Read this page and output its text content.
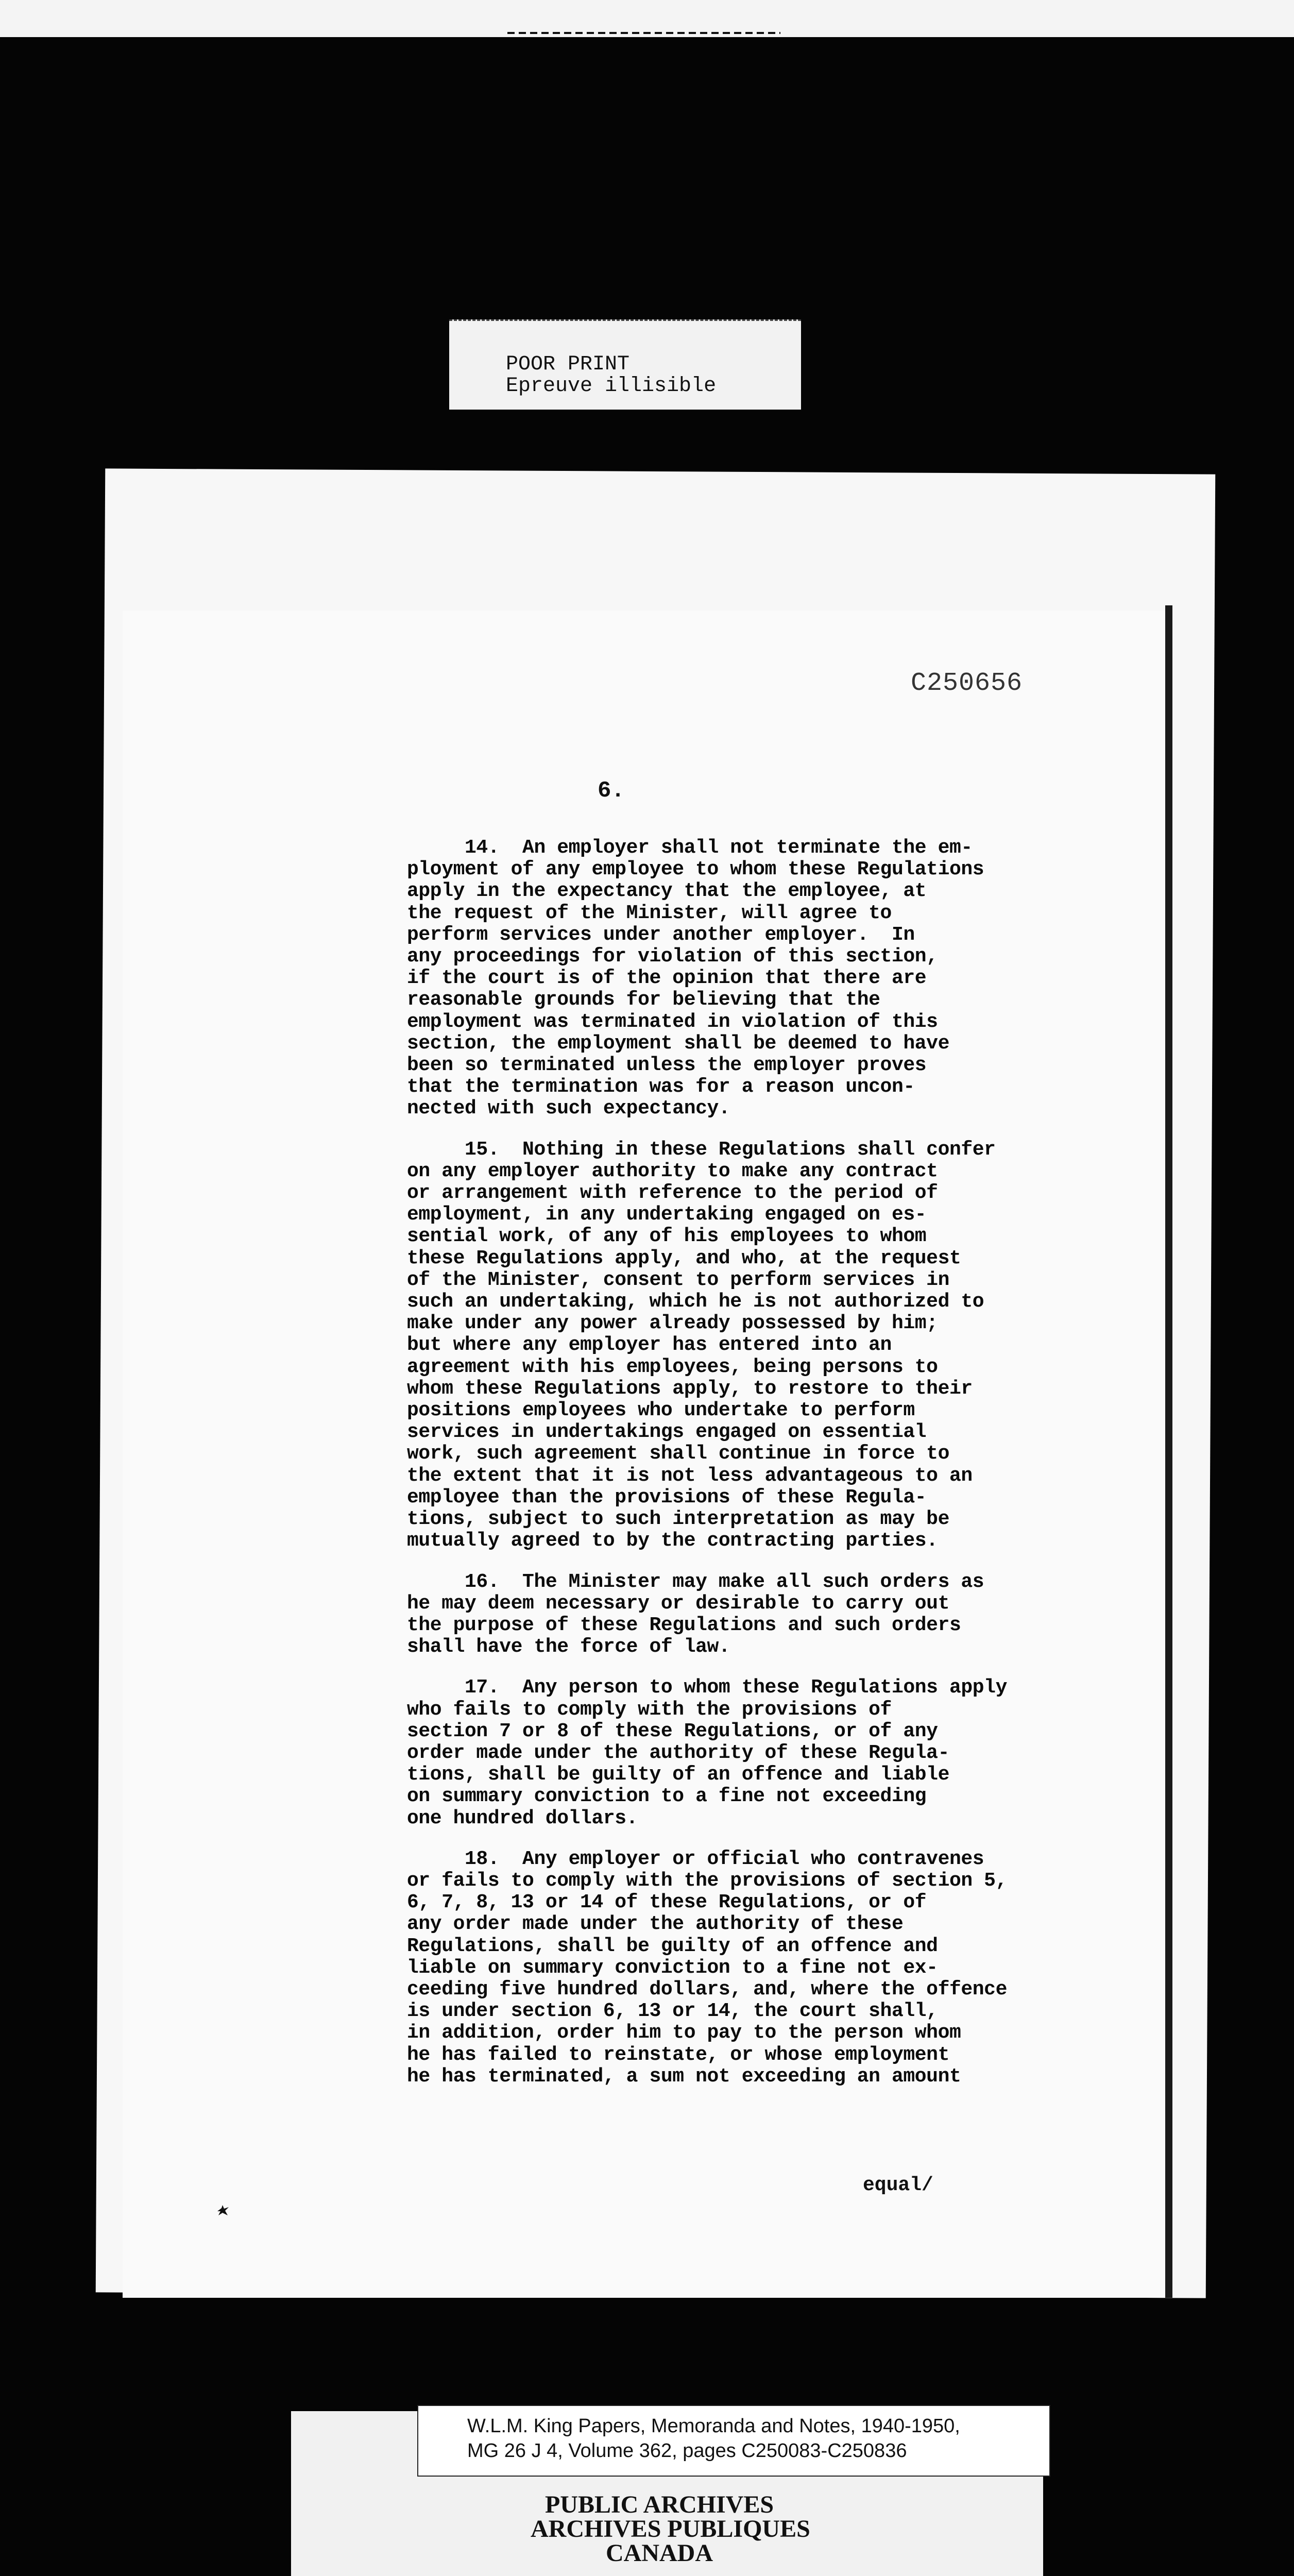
POOR PRINT
Epreuve illisible
C250656
6.
14.  An employer shall not terminate the em-
ployment of any employee to whom these Regulations
apply in the expectancy that the employee, at
the request of the Minister, will agree to
perform services under another employer.  In
any proceedings for violation of this section,
if the court is of the opinion that there are
reasonable grounds for believing that the
employment was terminated in violation of this
section, the employment shall be deemed to have
been so terminated unless the employer proves
that the termination was for a reason uncon-
nected with such expectancy.
15.  Nothing in these Regulations shall confer
on any employer authority to make any contract
or arrangement with reference to the period of
employment, in any undertaking engaged on es-
sential work, of any of his employees to whom
these Regulations apply, and who, at the request
of the Minister, consent to perform services in
such an undertaking, which he is not authorized to
make under any power already possessed by him;
but where any employer has entered into an
agreement with his employees, being persons to
whom these Regulations apply, to restore to their
positions employees who undertake to perform
services in undertakings engaged on essential
work, such agreement shall continue in force to
the extent that it is not less advantageous to an
employee than the provisions of these Regula-
tions, subject to such interpretation as may be
mutually agreed to by the contracting parties.
16.  The Minister may make all such orders as
he may deem necessary or desirable to carry out
the purpose of these Regulations and such orders
shall have the force of law.
17.  Any person to whom these Regulations apply
who fails to comply with the provisions of
section 7 or 8 of these Regulations, or of any
order made under the authority of these Regula-
tions, shall be guilty of an offence and liable
on summary conviction to a fine not exceeding
one hundred dollars.
18.  Any employer or official who contravenes
or fails to comply with the provisions of section 5,
6, 7, 8, 13 or 14 of these Regulations, or of
any order made under the authority of these
Regulations, shall be guilty of an offence and
liable on summary conviction to a fine not ex-
ceeding five hundred dollars, and, where the offence
is under section 6, 13 or 14, the court shall,
in addition, order him to pay to the person whom
he has failed to reinstate, or whose employment
he has terminated, a sum not exceeding an amount
equal/
W.L.M. King Papers, Memoranda and Notes, 1940-1950,
MG 26 J 4, Volume 362, pages C250083-C250836
PUBLIC ARCHIVES
ARCHIVES PUBLIQUES
CANADA
